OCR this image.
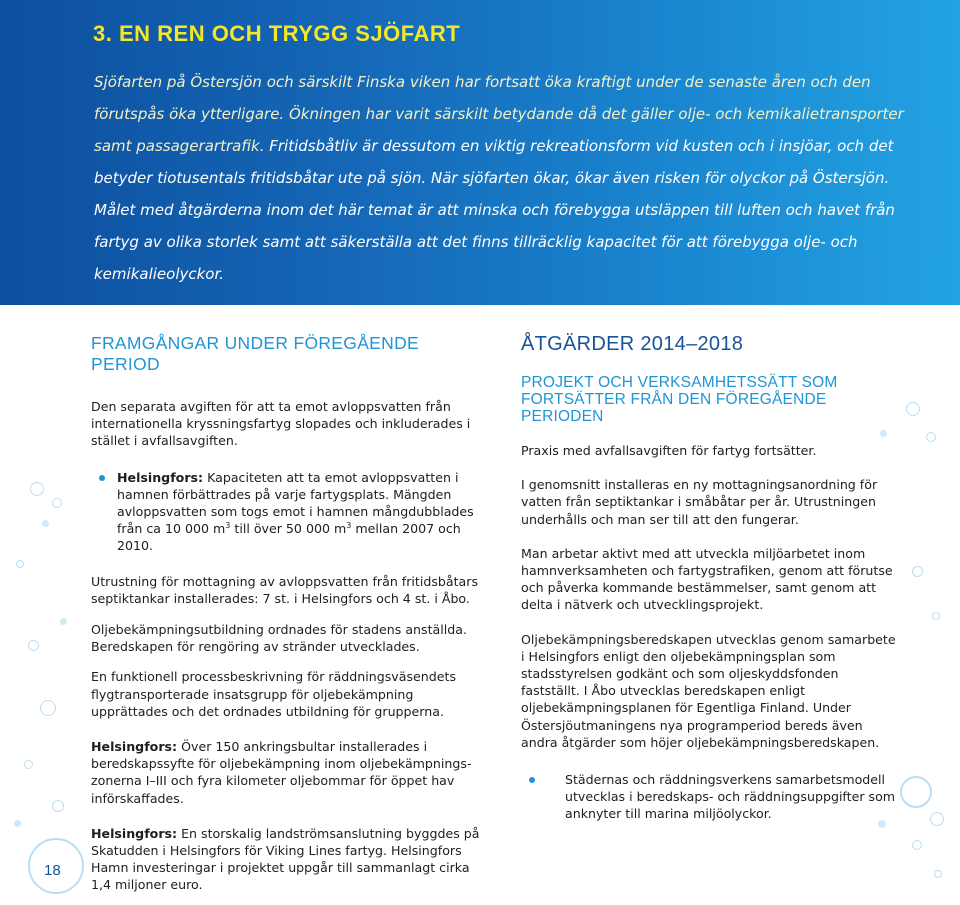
3. EN REN OCH TRYGG SJÖFART
Sjöfarten på Östersjön och särskilt Finska viken har fortsatt öka kraftigt under de senaste åren och den förutspås öka ytterligare. Ökningen har varit särskilt betydande då det gäller olje- och kemikalietransporter samt passagerartrafik. Fritidsbåtliv är dessutom en viktig rekreationsform vid kusten och i insjöar, och det betyder tiotusentals fritidsbåtar ute på sjön. När sjöfarten ökar, ökar även risken för olyckor på Östersjön. Målet med åtgärderna inom det här temat är att minska och förebygga utsläppen till luften och havet från fartyg av olika storlek samt att säkerställa att det finns tillräcklig kapacitet för att förebygga olje- och kemikalieolyckor.
FRAMGÅNGAR UNDER FÖREGÅENDE PERIOD

Den separata avgiften för att ta emot avloppsvatten från internationella kryssningsfartyg slopades och inkluderades i stället i avfallsavgiften.

Helsingfors: Kapaciteten att ta emot avloppsvatten i hamnen förbättrades på varje fartygsplats. Mängden avloppsvatten som togs emot i hamnen mångdubblades från ca 10 000 $m^3$ till över 50 000 $m^3$ mellan 2007 och 2010.

Utrustning för mottagning av avloppsvatten från fritidsbåtars septiktankar installerades: 7 st. i Helsingfors och 4 st. i Åbo.

Oljebekämpningsutbildning ordnades för stadens anställda. Beredskapen för rengöring av stränder utvecklades.

En funktionell processbeskrivning för räddningsväsendets flygtransporterade insatsgrupp för oljebekämpning upprättades och det ordnades utbildning för grupperna.

Helsingfors: Över 150 ankringsbultar installerades i beredskapssyfte för oljebekämpning inom oljebekämpningszonerna I–III och fyra kilometer oljebommar för öppet hav införskaffades.

Helsingfors: En storskalig landströmsanslutning byggdes på Skatudden i Helsingfors för Viking Lines fartyg. Helsingfors Hamn investeringar i projektet uppgår till sammanlagt cirka 1,4 miljoner euro.

ÅTGÄRDER 2014–2018
PROJEKT OCH VERKSAMHETSSÄTT SOM FORTSÄTTER FRÅN DEN FÖREGÅENDE PERIODEN

Praxis med avfallsavgiften för fartyg fortsätter.

I genomsnitt installeras en ny mottagningsanordning för vatten från septiktankar i småbåtar per år. Utrustningen underhålls och man ser till att den fungerar.

Man arbetar aktivt med att utveckla miljöarbetet inom hamnverksamheten och fartygstrafiken, genom att förutse och påverka kommande bestämmelser, samt genom att delta i nätverk och utvecklingsprojekt.

Oljebekämpningsberedskapen utvecklas genom samarbete i Helsingfors enligt den oljebekämpningsplan som stadsstyrelsen godkänt och som oljeskyddsfonden fastställt. I Åbo utvecklas beredskapen enligt oljebekämpningsplanen för Egentliga Finland. Under Östersjöutmaningens nya programperiod bereds även andra åtgärder som höjer oljebekämpningsberedskapen.

Städernas och räddningsverkens samarbetsmodell utvecklas i beredskaps- och räddningsuppgifter som anknyter till marina miljöolyckor.

18
